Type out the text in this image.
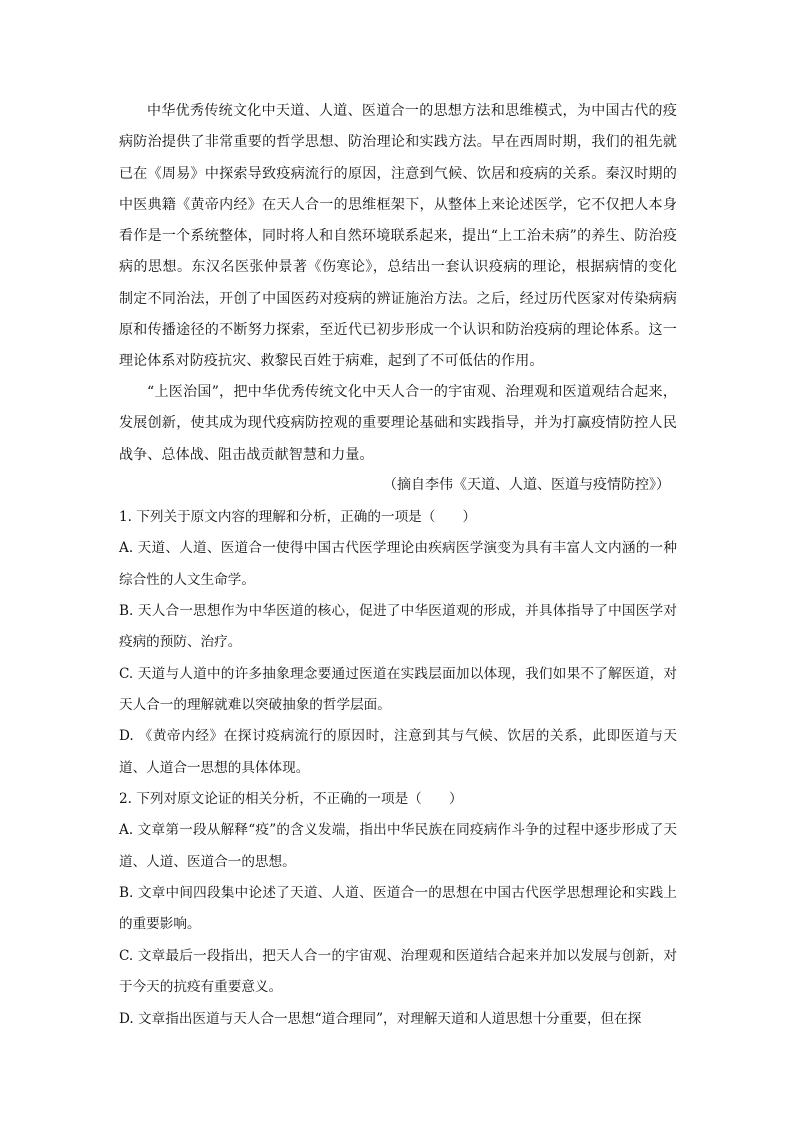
中华优秀传统文化中天道、人道、医道合一的思想方法和思维模式，为中国古代的疫病防治提供了非常重要的哲学思想、防治理论和实践方法。早在西周时期，我们的祖先就已在《周易》中探索导致疫病流行的原因，注意到气候、饮居和疫病的关系。秦汉时期的中医典籍《黄帝内经》在天人合一的思维框架下，从整体上来论述医学，它不仅把人本身看作是一个系统整体，同时将人和自然环境联系起来，提出“上工治未病”的养生、防治疫病的思想。东汉名医张仲景著《伤寒论》，总结出一套认识疫病的理论，根据病情的变化制定不同治法，开创了中国医药对疫病的辨证施治方法。之后，经过历代医家对传染病病原和传播途径的不断努力探索，至近代已初步形成一个认识和防治疫病的理论体系。这一理论体系对防疫抗灾、救黎民百姓于病难，起到了不可低估的作用。
“上医治国”，把中华优秀传统文化中天人合一的宇宙观、治理观和医道观结合起来，发展创新，使其成为现代疫病防控观的重要理论基础和实践指导，并为打赢疫情防控人民战争、总体战、阻击战贡献智慧和力量。
（摘自李伟《天道、人道、医道与疫情防控》）
1. 下列关于原文内容的理解和分析，正确的一项是（　　）
A. 天道、人道、医道合一使得中国古代医学理论由疾病医学演变为具有丰富人文内涵的一种综合性的人文生命学。
B. 天人合一思想作为中华医道的核心，促进了中华医道观的形成，并具体指导了中国医学对疫病的预防、治疗。
C. 天道与人道中的许多抽象理念要通过医道在实践层面加以体现，我们如果不了解医道，对天人合一的理解就难以突破抽象的哲学层面。
D. 《黄帝内经》在探讨疫病流行的原因时，注意到其与气候、饮居的关系，此即医道与天道、人道合一思想的具体体现。
2. 下列对原文论证的相关分析，不正确的一项是（　　）
A. 文章第一段从解释“疫”的含义发端，指出中华民族在同疫病作斗争的过程中逐步形成了天道、人道、医道合一的思想。
B. 文章中间四段集中论述了天道、人道、医道合一的思想在中国古代医学思想理论和实践上的重要影响。
C. 文章最后一段指出，把天人合一的宇宙观、治理观和医道结合起来并加以发展与创新，对于今天的抗疫有重要意义。
D. 文章指出医道与天人合一思想“道合理同”，对理解天道和人道思想十分重要，但在探
